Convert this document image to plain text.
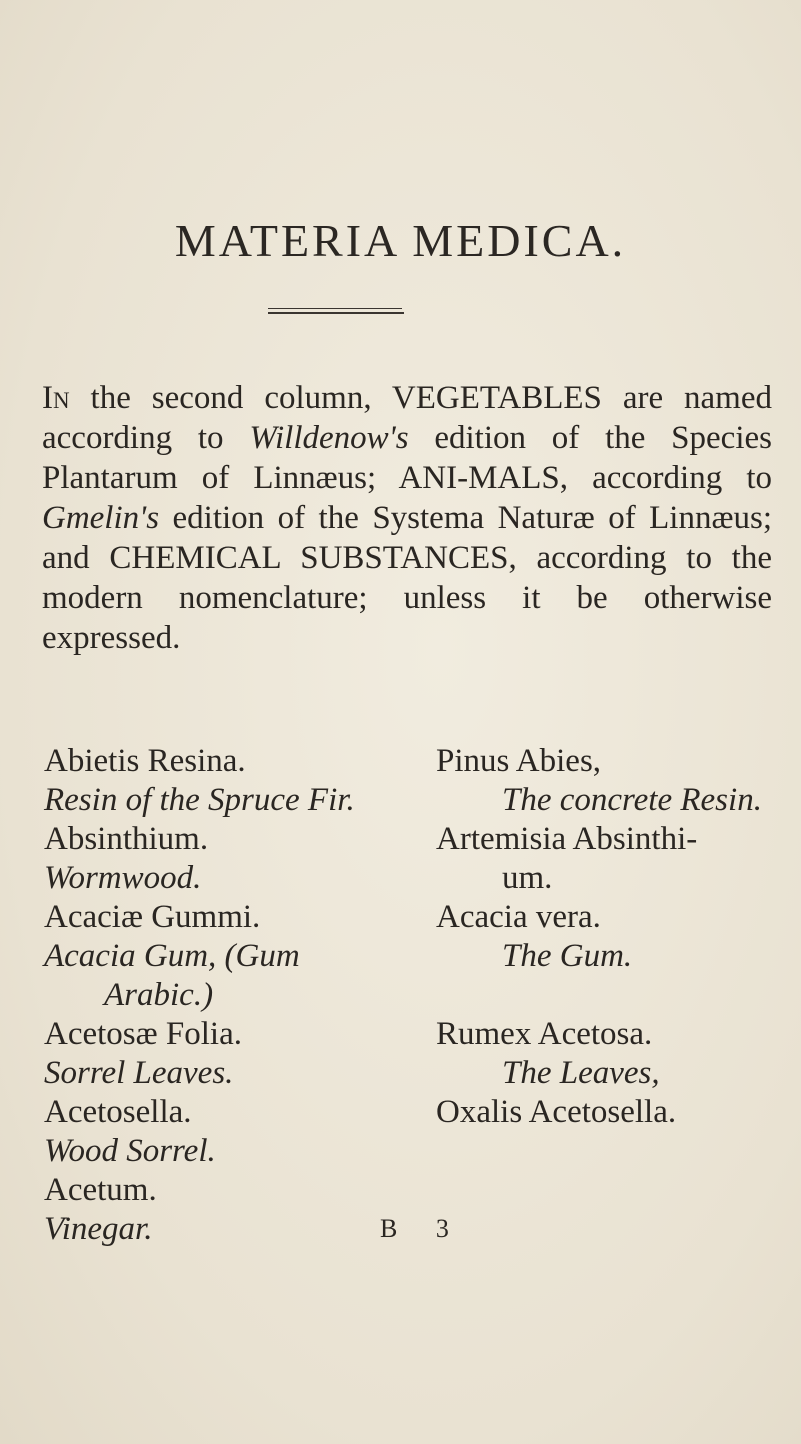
MATERIA MEDICA.

In the second column, VEGETABLES are named according to Willdenow's edition of the Species Plantarum of Linnæus; ANI-MALS, according to Gmelin's edition of the Systema Naturæ of Linnæus; and CHEMICAL SUBSTANCES, according to the modern nomenclature; unless it be otherwise expressed.

Abietis Resina.	Pinus Abies,
Resin of the Spruce Fir.	The concrete Resin.
Absinthium.	Artemisia Absinthi-
Wormwood.	um.
Acaciæ Gummi.	Acacia vera.
Acacia Gum, (Gum	The Gum.
Arabic.)
Acetosæ Folia.	Rumex Acetosa.
Sorrel Leaves.	The Leaves,
Acetosella.	Oxalis Acetosella.
Wood Sorrel.
Acetum.
Vinegar.	B 3
